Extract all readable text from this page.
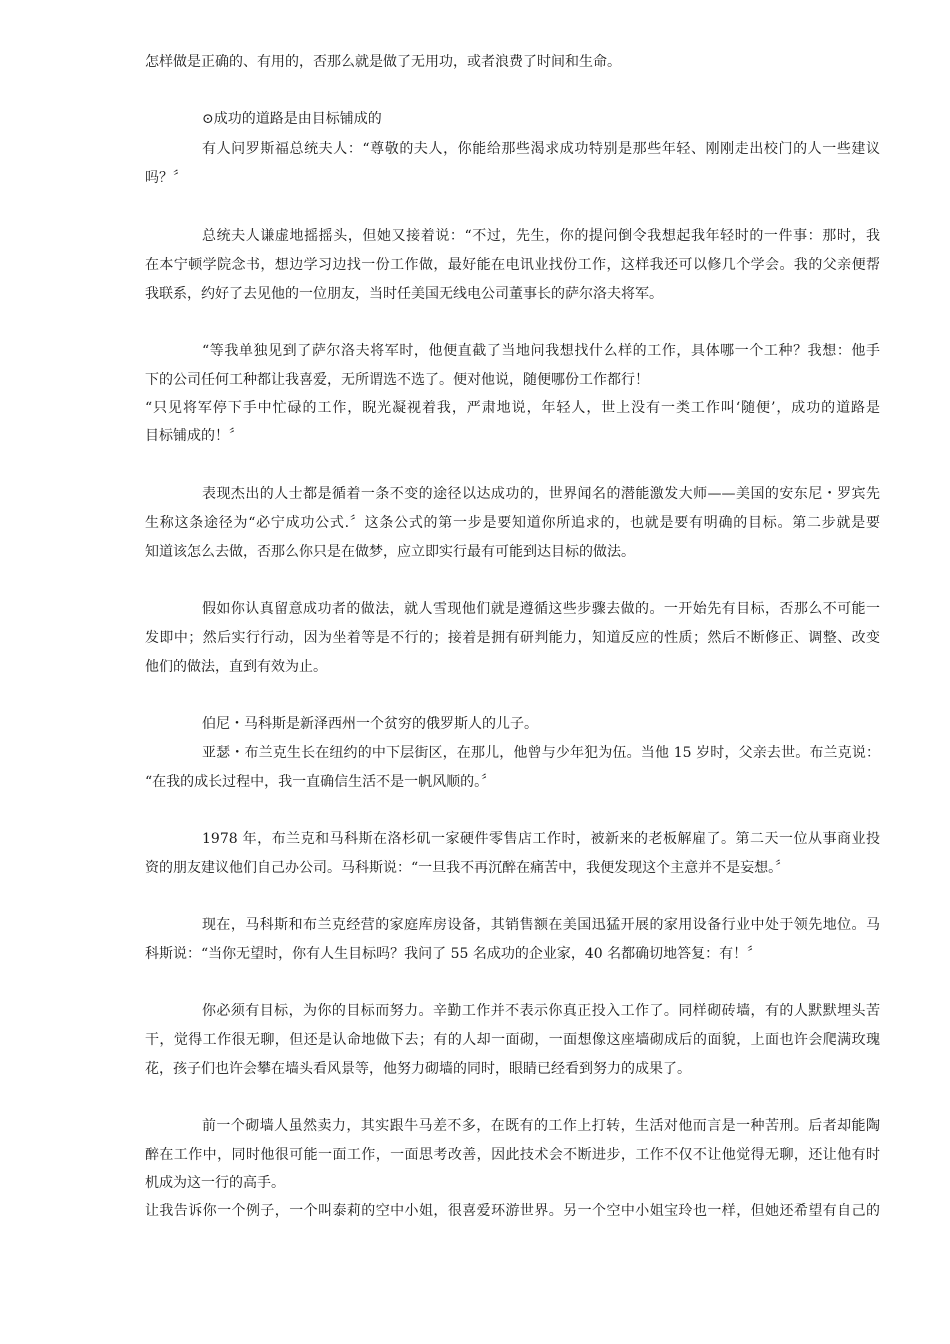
怎样做是正确的、有用的，否那么就是做了无用功，或者浪费了时间和生命。
⊙成功的道路是由目标铺成的
有人问罗斯福总统夫人：“尊敬的夫人，你能给那些渴求成功特别是那些年轻、刚刚走出校门的人一些建议
吗？〞
总统夫人谦虚地摇摇头，但她又接着说：“不过，先生，你的提问倒令我想起我年轻时的一件事：那时，我
在本宁顿学院念书，想边学习边找一份工作做，最好能在电讯业找份工作，这样我还可以修几个学会。我的父亲便帮
我联系，约好了去见他的一位朋友，当时任美国无线电公司董事长的萨尔洛夫将军。
“等我单独见到了萨尔洛夫将军时，他便直截了当地问我想找什么样的工作，具体哪一个工种？我想：他手
下的公司任何工种都让我喜爱，无所谓选不选了。便对他说，随便哪份工作都行！
“只见将军停下手中忙碌的工作，睨光凝视着我，严肃地说，年轻人，世上没有一类工作叫‘随便’，成功的道路是
目标铺成的！〞
表现杰出的人士都是循着一条不变的途径以达成功的，世界闻名的潜能激发大师——美国的安东尼・罗宾先
生称这条途径为“必宁成功公式.〞这条公式的第一步是要知道你所追求的，也就是要有明确的目标。第二步就是要
知道该怎么去做，否那么你只是在做梦，应立即实行最有可能到达目标的做法。
假如你认真留意成功者的做法，就人雪现他们就是遵循这些步骤去做的。一开始先有目标，否那么不可能一
发即中；然后实行行动，因为坐着等是不行的；接着是拥有研判能力，知道反应的性质；然后不断修正、调整、改变
他们的做法，直到有效为止。
伯尼・马科斯是新泽西州一个贫穷的俄罗斯人的儿子。
亚瑟・布兰克生长在纽约的中下层街区，在那儿，他曾与少年犯为伍。当他 15 岁时，父亲去世。布兰克说：
“在我的成长过程中，我一直确信生活不是一帆风顺的。〞
1978 年，布兰克和马科斯在洛杉矶一家硬件零售店工作时，被新来的老板解雇了。第二天一位从事商业投
资的朋友建议他们自己办公司。马科斯说：“一旦我不再沉醉在痛苦中，我便发现这个主意并不是妄想。〞
现在，马科斯和布兰克经营的家庭库房设备，其销售额在美国迅猛开展的家用设备行业中处于领先地位。马
科斯说：“当你无望时，你有人生目标吗？我问了 55 名成功的企业家，40 名都确切地答复：有！〞
你必须有目标，为你的目标而努力。辛勤工作并不表示你真正投入工作了。同样砌砖墙，有的人默默埋头苦
干，觉得工作很无聊，但还是认命地做下去；有的人却一面砌，一面想像这座墙砌成后的面貌，上面也许会爬满玫瑰
花，孩子们也许会攀在墙头看风景等，他努力砌墙的同时，眼睛已经看到努力的成果了。
前一个砌墙人虽然卖力，其实跟牛马差不多，在既有的工作上打转，生活对他而言是一种苦刑。后者却能陶
醉在工作中，同时他很可能一面工作，一面思考改善，因此技术会不断进步，工作不仅不让他觉得无聊，还让他有时
机成为这一行的高手。
让我告诉你一个例子，一个叫泰莉的空中小姐，很喜爱环游世界。另一个空中小姐宝玲也一样，但她还希望有自己的
